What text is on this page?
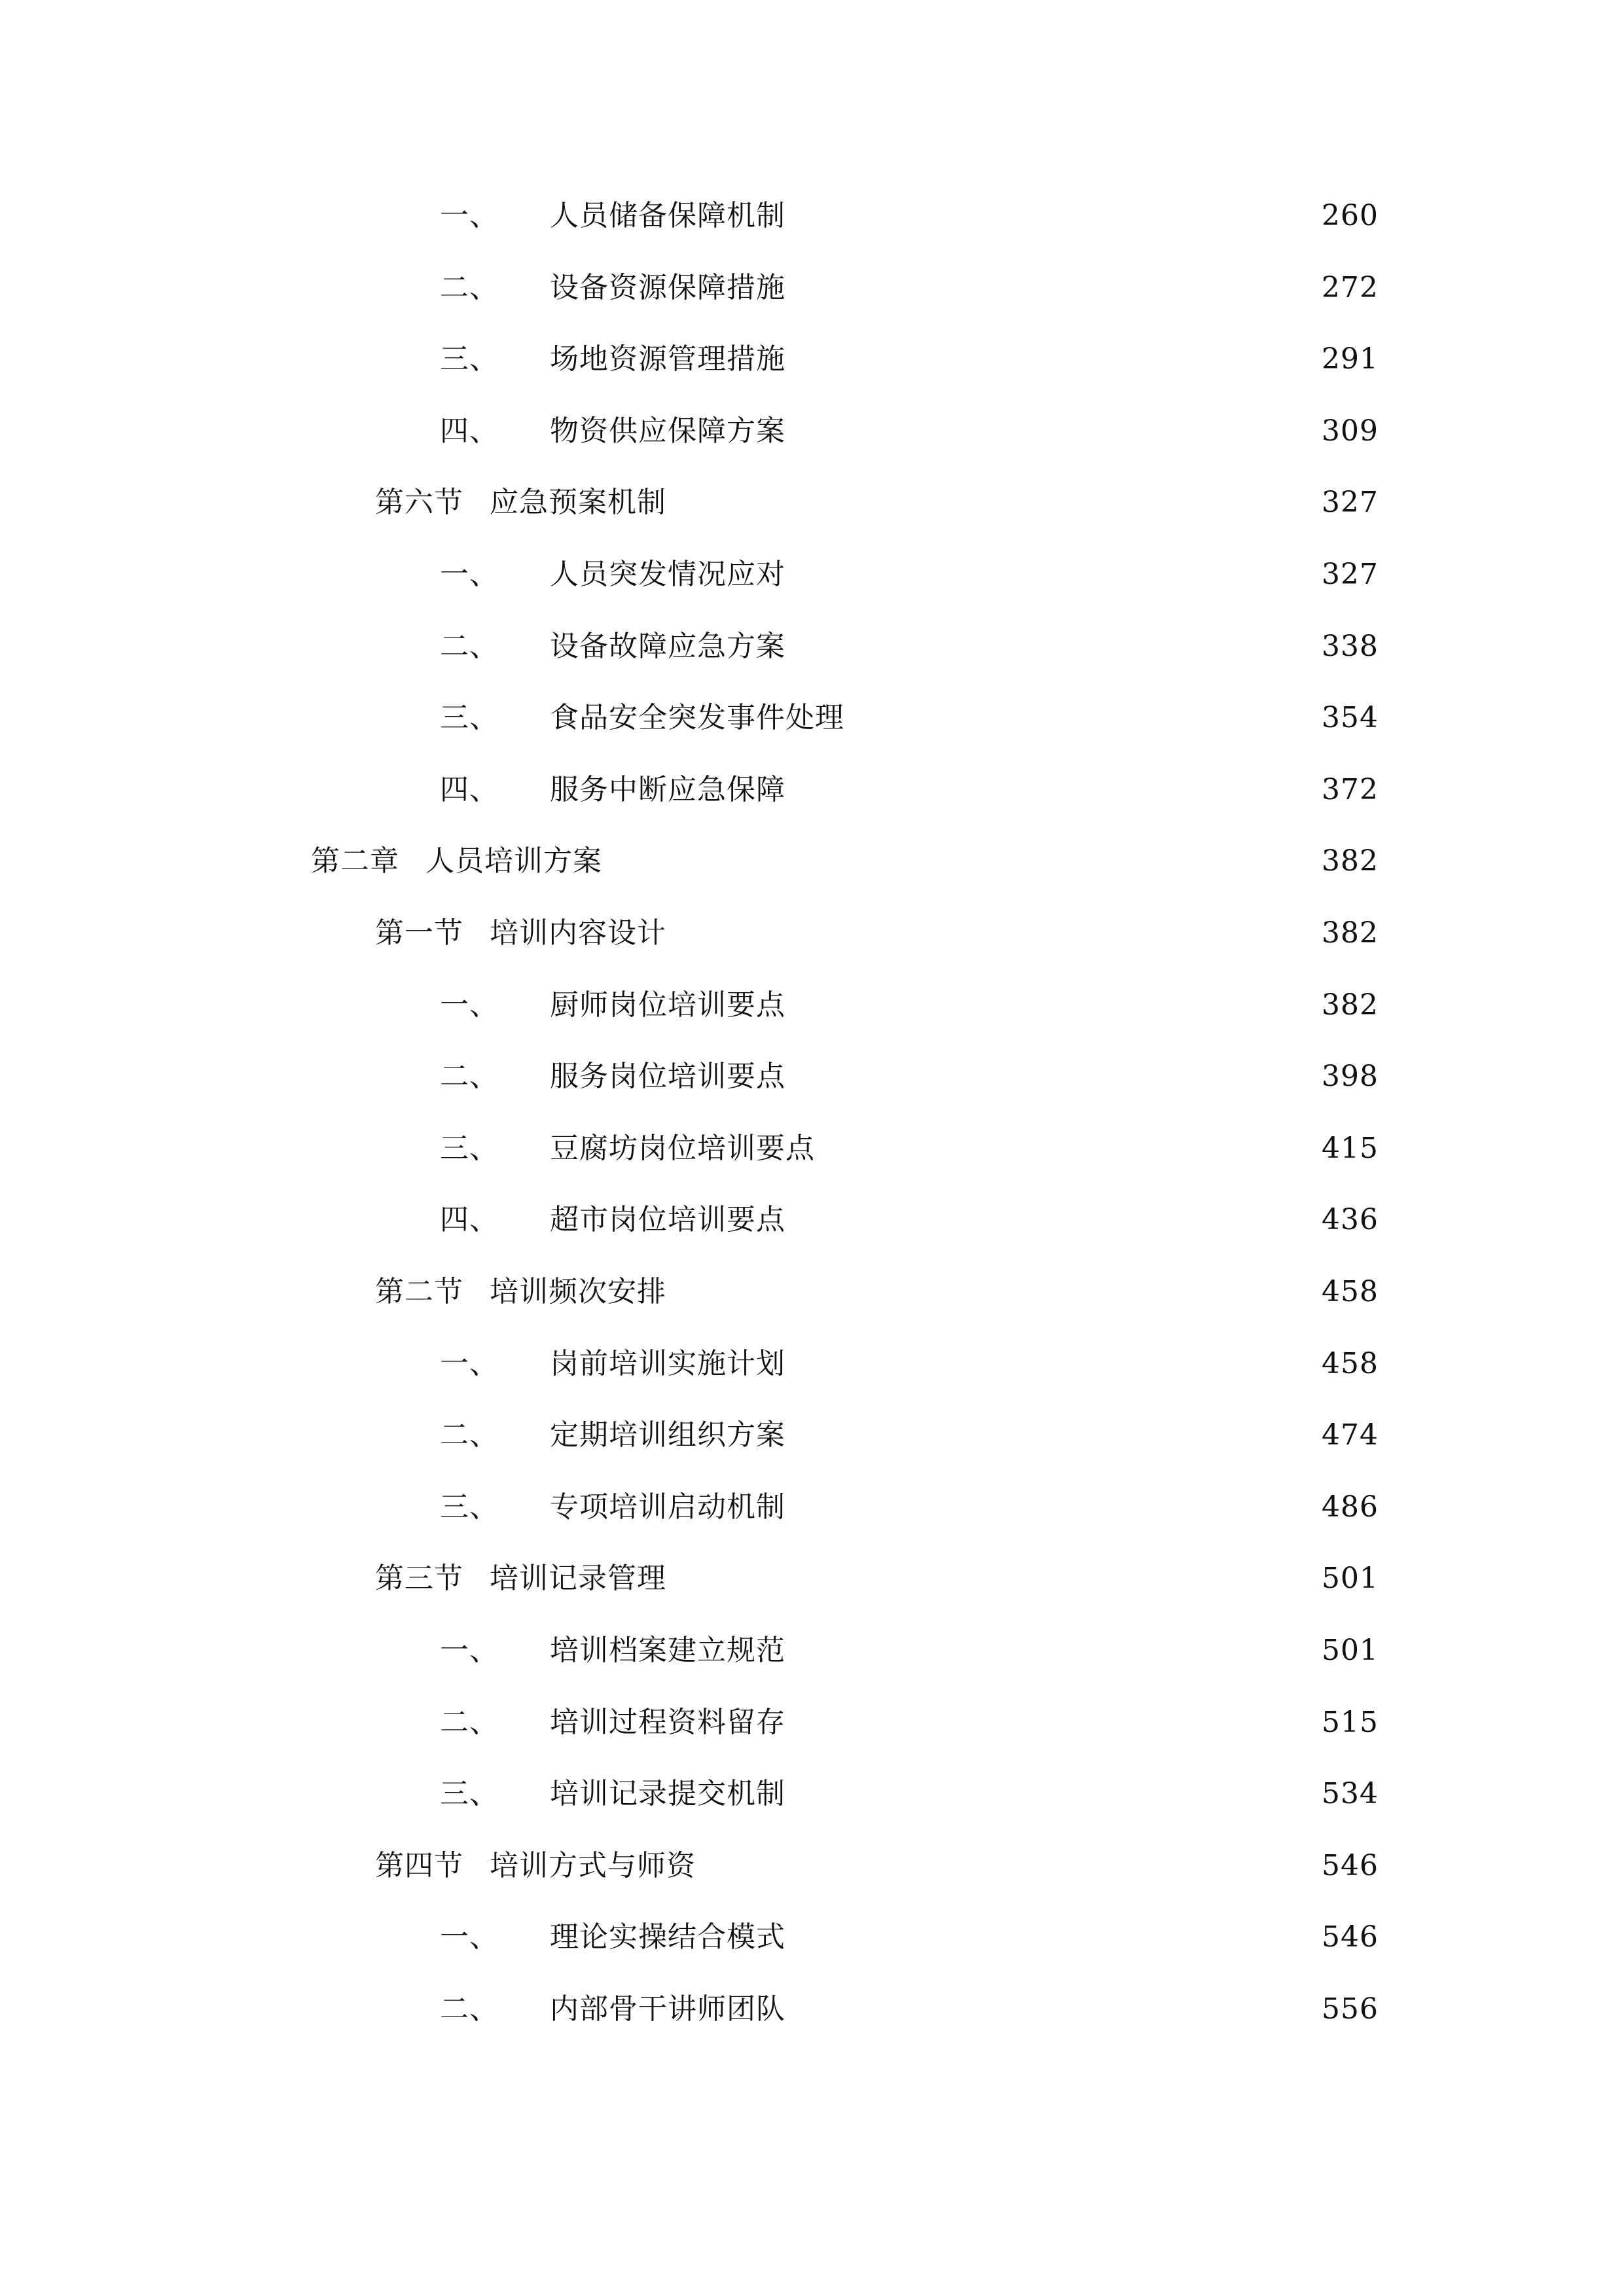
一、 人员储备保障机制	260
二、 设备资源保障措施	272
三、 场地资源管理措施	291
四、 物资供应保障方案	309
第六节 应急预案机制	327
一、 人员突发情况应对	327
二、 设备故障应急方案	338
三、 食品安全突发事件处理	354
四、 服务中断应急保障	372
第二章 人员培训方案	382
第一节 培训内容设计	382
一、 厨师岗位培训要点	382
二、 服务岗位培训要点	398
三、 豆腐坊岗位培训要点	415
四、 超市岗位培训要点	436
第二节 培训频次安排	458
一、 岗前培训实施计划	458
二、 定期培训组织方案	474
三、 专项培训启动机制	486
第三节 培训记录管理	501
一、 培训档案建立规范	501
二、 培训过程资料留存	515
三、 培训记录提交机制	534
第四节 培训方式与师资	546
一、 理论实操结合模式	546
二、 内部骨干讲师团队	556
